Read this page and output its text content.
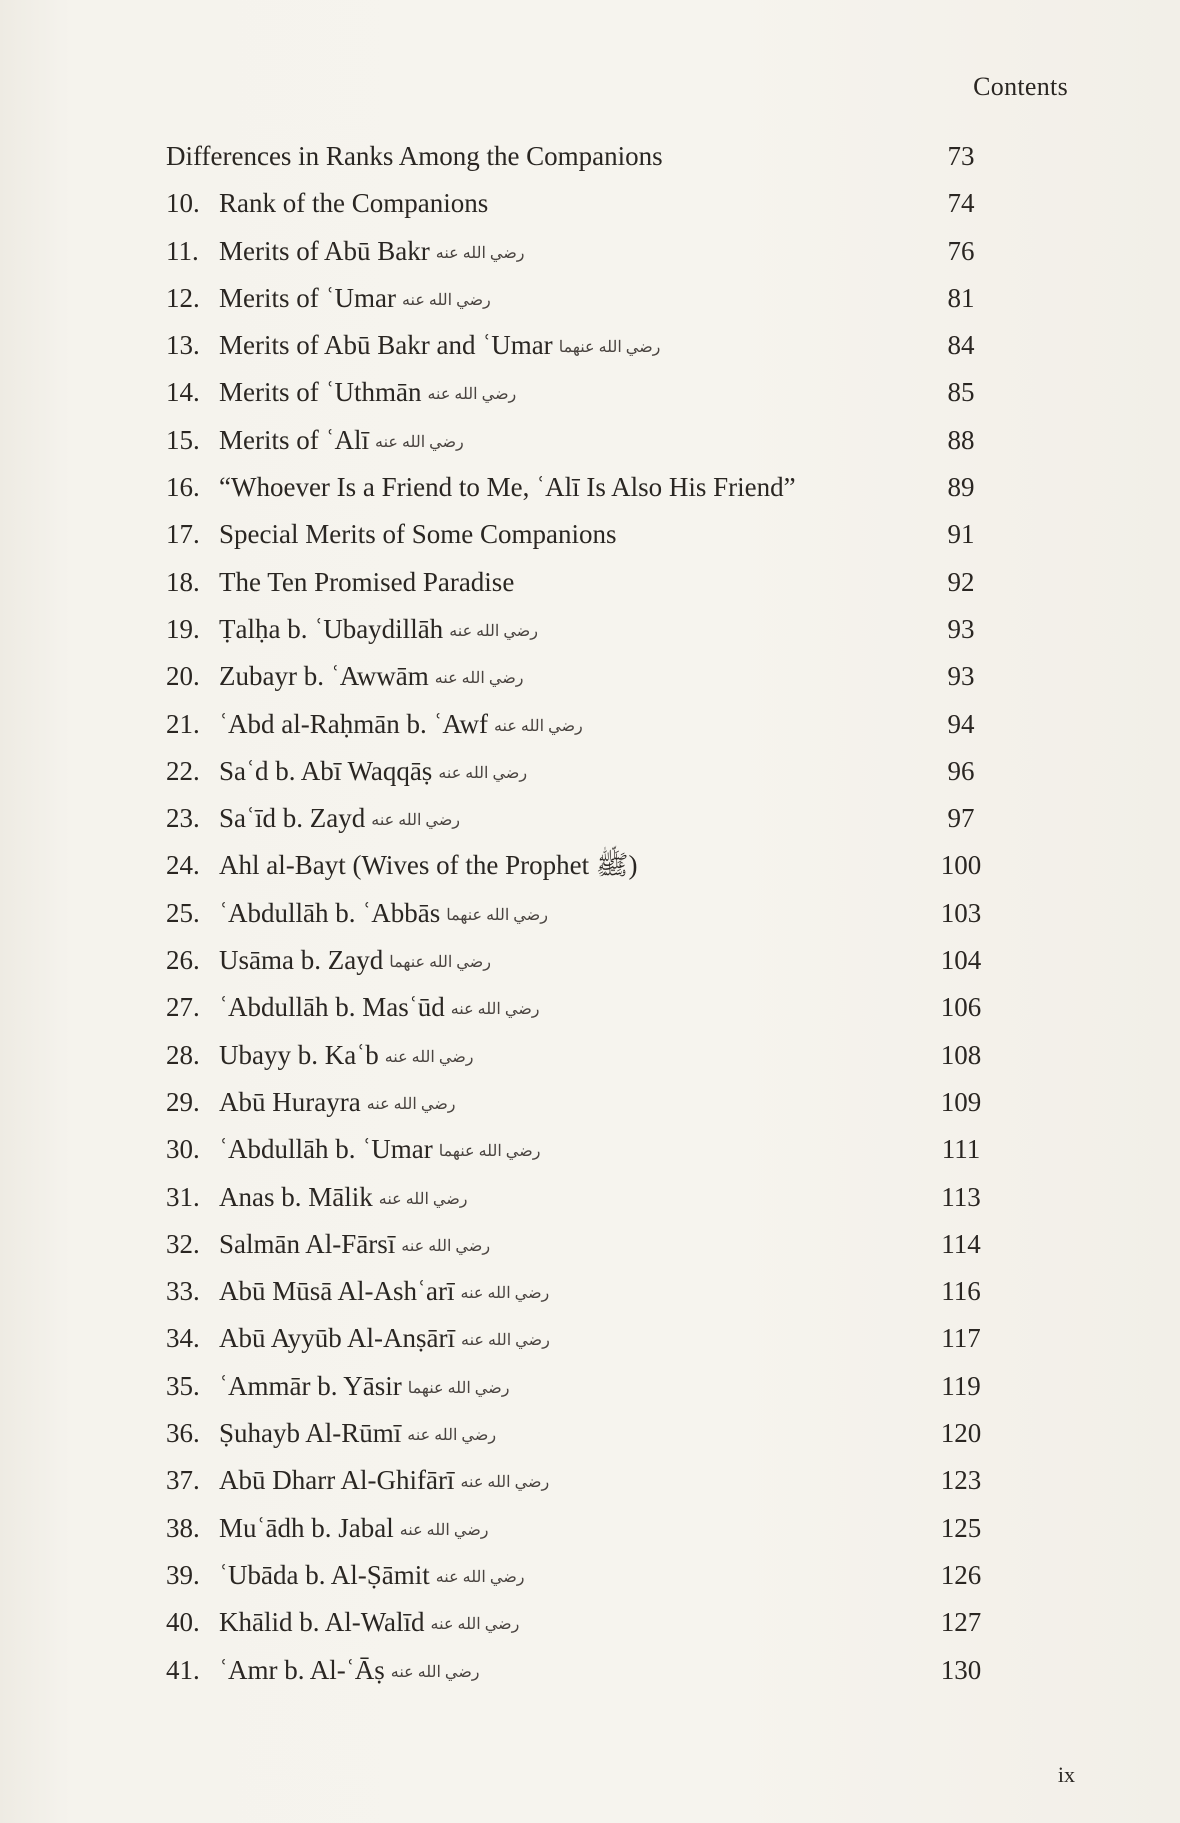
Contents
Differences in Ranks Among the Companions	73
10. Rank of the Companions	74
11. Merits of Abū Bakr رضي الله عنه	76
12. Merits of ʿUmar رضي الله عنه	81
13. Merits of Abū Bakr and ʿUmar رضي الله عنهما	84
14. Merits of ʿUthmān رضي الله عنه	85
15. Merits of ʿAlī رضي الله عنه	88
16. “Whoever Is a Friend to Me, ʿAlī Is Also His Friend”	89
17. Special Merits of Some Companions	91
18. The Ten Promised Paradise	92
19. Ṭalḥa b. ʿUbaydillāh رضي الله عنه	93
20. Zubayr b. ʿAwwām رضي الله عنه	93
21. ʿAbd al-Raḥmān b. ʿAwf رضي الله عنه	94
22. Saʿd b. Abī Waqqāṣ رضي الله عنه	96
23. Saʿīd b. Zayd رضي الله عنه	97
24. Ahl al-Bayt (Wives of the Prophet ﷺ)	100
25. ʿAbdullāh b. ʿAbbās رضي الله عنهما	103
26. Usāma b. Zayd رضي الله عنهما	104
27. ʿAbdullāh b. Masʿūd رضي الله عنه	106
28. Ubayy b. Kaʿb رضي الله عنه	108
29. Abū Hurayra رضي الله عنه	109
30. ʿAbdullāh b. ʿUmar رضي الله عنهما	111
31. Anas b. Mālik رضي الله عنه	113
32. Salmān Al-Fārsī رضي الله عنه	114
33. Abū Mūsā Al-Ashʿarī رضي الله عنه	116
34. Abū Ayyūb Al-Anṣārī رضي الله عنه	117
35. ʿAmmār b. Yāsir رضي الله عنهما	119
36. Ṣuhayb Al-Rūmī رضي الله عنه	120
37. Abū Dharr Al-Ghifārī رضي الله عنه	123
38. Muʿādh b. Jabal رضي الله عنه	125
39. ʿUbāda b. Al-Ṣāmit رضي الله عنه	126
40. Khālid b. Al-Walīd رضي الله عنه	127
41. ʿAmr b. Al-ʿĀṣ رضي الله عنه	130
ix
